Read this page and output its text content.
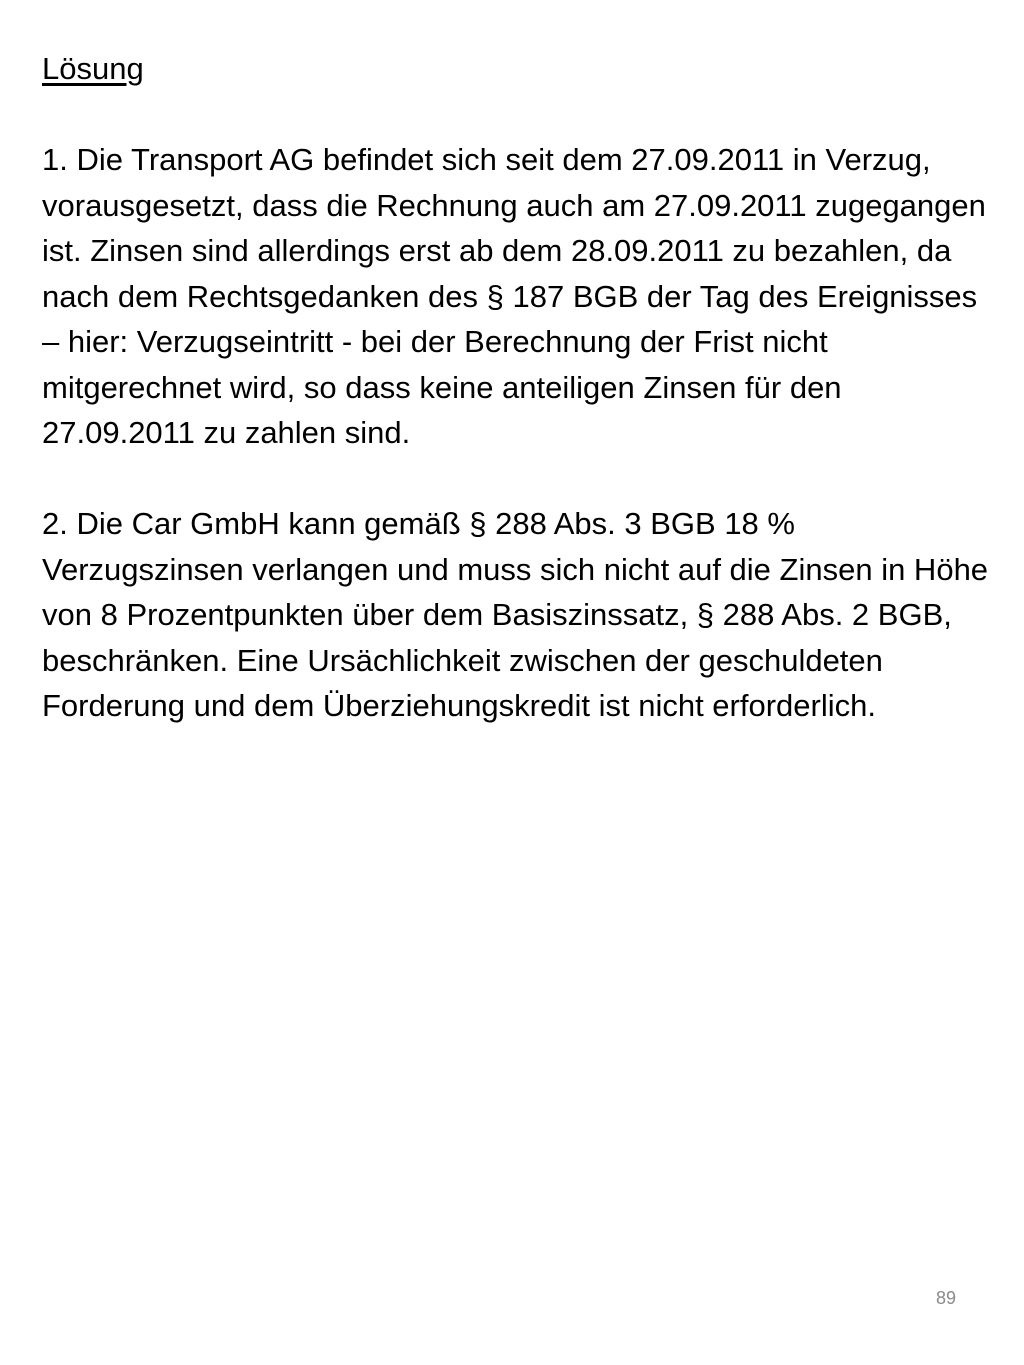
Lösung

1. Die Transport AG befindet sich seit dem 27.09.2011 in Verzug, vorausgesetzt, dass die Rechnung auch am 27.09.2011 zugegangen ist. Zinsen sind allerdings erst ab dem 28.09.2011 zu bezahlen, da nach dem Rechtsgedanken des § 187 BGB der Tag des Ereignisses – hier: Verzugseintritt - bei der Berechnung der Frist nicht mitgerechnet wird, so dass keine anteiligen Zinsen für den 27.09.2011 zu zahlen sind.

2. Die Car GmbH kann gemäß § 288 Abs. 3 BGB 18 % Verzugszinsen verlangen und muss sich nicht auf die Zinsen in Höhe von 8 Prozentpunkten über dem Basiszinssatz, § 288 Abs. 2 BGB, beschränken. Eine Ursächlichkeit zwischen der geschuldeten Forderung und dem Überziehungskredit ist nicht erforderlich.

89
